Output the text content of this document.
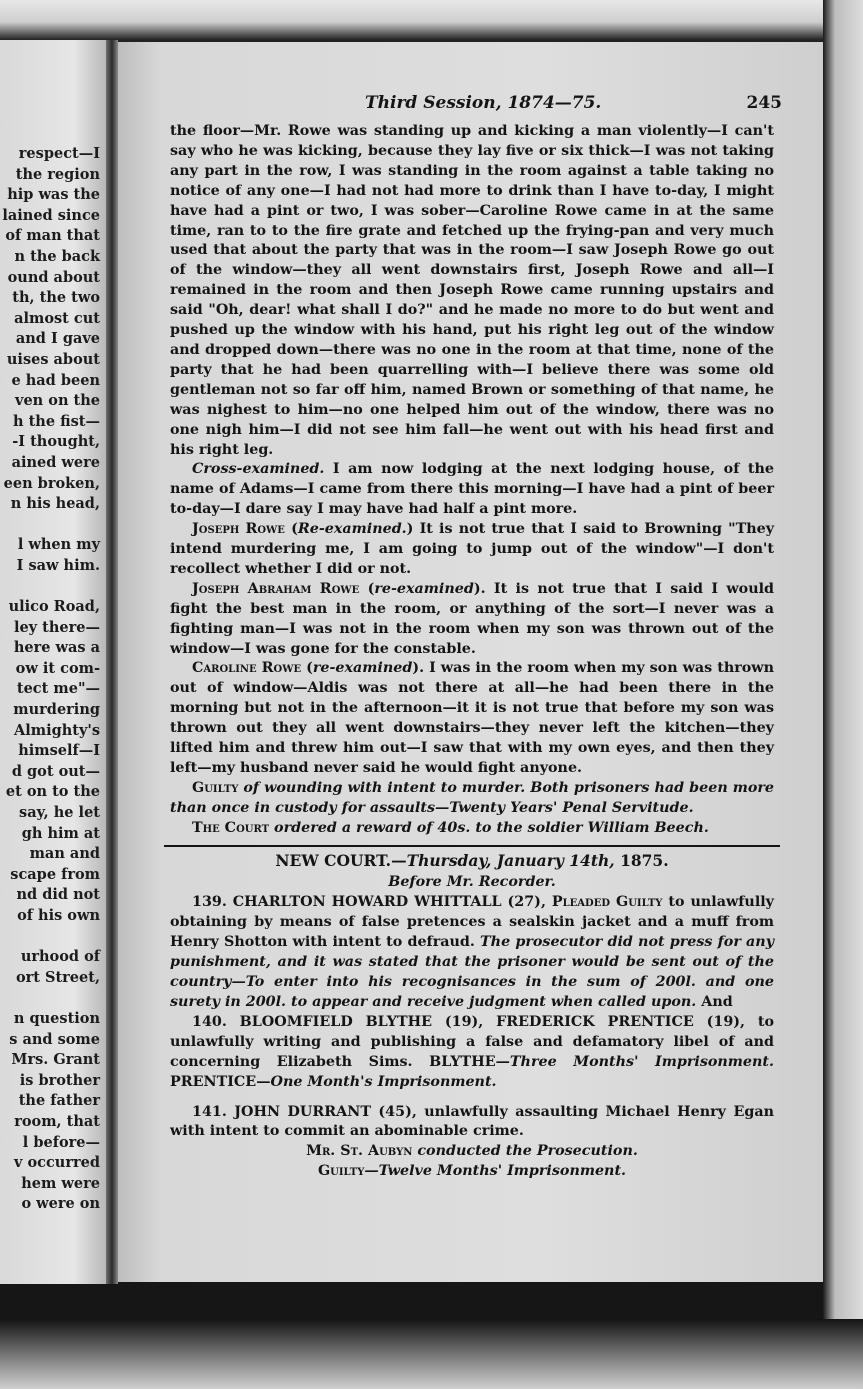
respect—I
the region
hip was the
lained since
of man that
n the back
ound about
th, the two
almost cut
and I gave
uises about
e had been
ven on the
h the fist—
-I thought,
ained were
een broken,
n his head,
l when my
I saw him.
ulico Road,
ley there—
here was a
ow it com-
tect me"—
murdering
Almighty's
himself—I
d got out—
et on to the
say, he let
gh him at
man and
scape from
nd did not
of his own
urhood of
ort Street,
n question
s and some
Mrs. Grant
is brother
the father
room, that
l before—
v occurred
hem were
o were on
Third Session, 1874—75.	245

the floor—Mr. Rowe was standing up and kicking a man violently—I can't say who he was kicking, because they lay five or six thick—I was not taking any part in the row, I was standing in the room against a table taking no notice of any one—I had not had more to drink than I have to-day, I might have had a pint or two, I was sober—Caroline Rowe came in at the same time, ran to to the fire grate and fetched up the frying-pan and very much used that about the party that was in the room—I saw Joseph Rowe go out of the window—they all went downstairs first, Joseph Rowe and all—I remained in the room and then Joseph Rowe came running upstairs and said "Oh, dear! what shall I do?" and he made no more to do but went and pushed up the window with his hand, put his right leg out of the window and dropped down—there was no one in the room at that time, none of the party that he had been quarrelling with—I believe there was some old gentleman not so far off him, named Brown or something of that name, he was nighest to him—no one helped him out of the window, there was no one nigh him—I did not see him fall—he went out with his head first and his right leg.

Cross-examined. I am now lodging at the next lodging house, of the name of Adams—I came from there this morning—I have had a pint of beer to-day—I dare say I may have had half a pint more.

Joseph Rowe (Re-examined.) It is not true that I said to Browning "They intend murdering me, I am going to jump out of the window"—I don't recollect whether I did or not.

Joseph Abraham Rowe (re-examined). It is not true that I said I would fight the best man in the room, or anything of the sort—I never was a fighting man—I was not in the room when my son was thrown out of the window—I was gone for the constable.

Caroline Rowe (re-examined). I was in the room when my son was thrown out of window—Aldis was not there at all—he had been there in the morning but not in the afternoon—it it is not true that before my son was thrown out they all went downstairs—they never left the kitchen—they lifted him and threw him out—I saw that with my own eyes, and then they left—my husband never said he would fight anyone.

Guilty of wounding with intent to murder. Both prisoners had been more than once in custody for assaults—Twenty Years' Penal Servitude.

The Court ordered a reward of 40s. to the soldier William Beech.

NEW COURT.—Thursday, January 14th, 1875.
Before Mr. Recorder.

139. CHARLTON HOWARD WHITTALL (27), Pleaded Guilty to unlawfully obtaining by means of false pretences a sealskin jacket and a muff from Henry Shotton with intent to defraud. The prosecutor did not press for any punishment, and it was stated that the prisoner would be sent out of the country—To enter into his recognisances in the sum of 200l. and one surety in 200l. to appear and receive judgment when called upon. And

140. BLOOMFIELD BLYTHE (19), FREDERICK PRENTICE (19), to unlawfully writing and publishing a false and defamatory libel of and concerning Elizabeth Sims. BLYTHE—Three Months' Imprisonment. PRENTICE—One Month's Imprisonment.

141. JOHN DURRANT (45), unlawfully assaulting Michael Henry Egan with intent to commit an abominable crime.

Mr. St. Aubyn conducted the Prosecution.
Guilty—Twelve Months' Imprisonment.
